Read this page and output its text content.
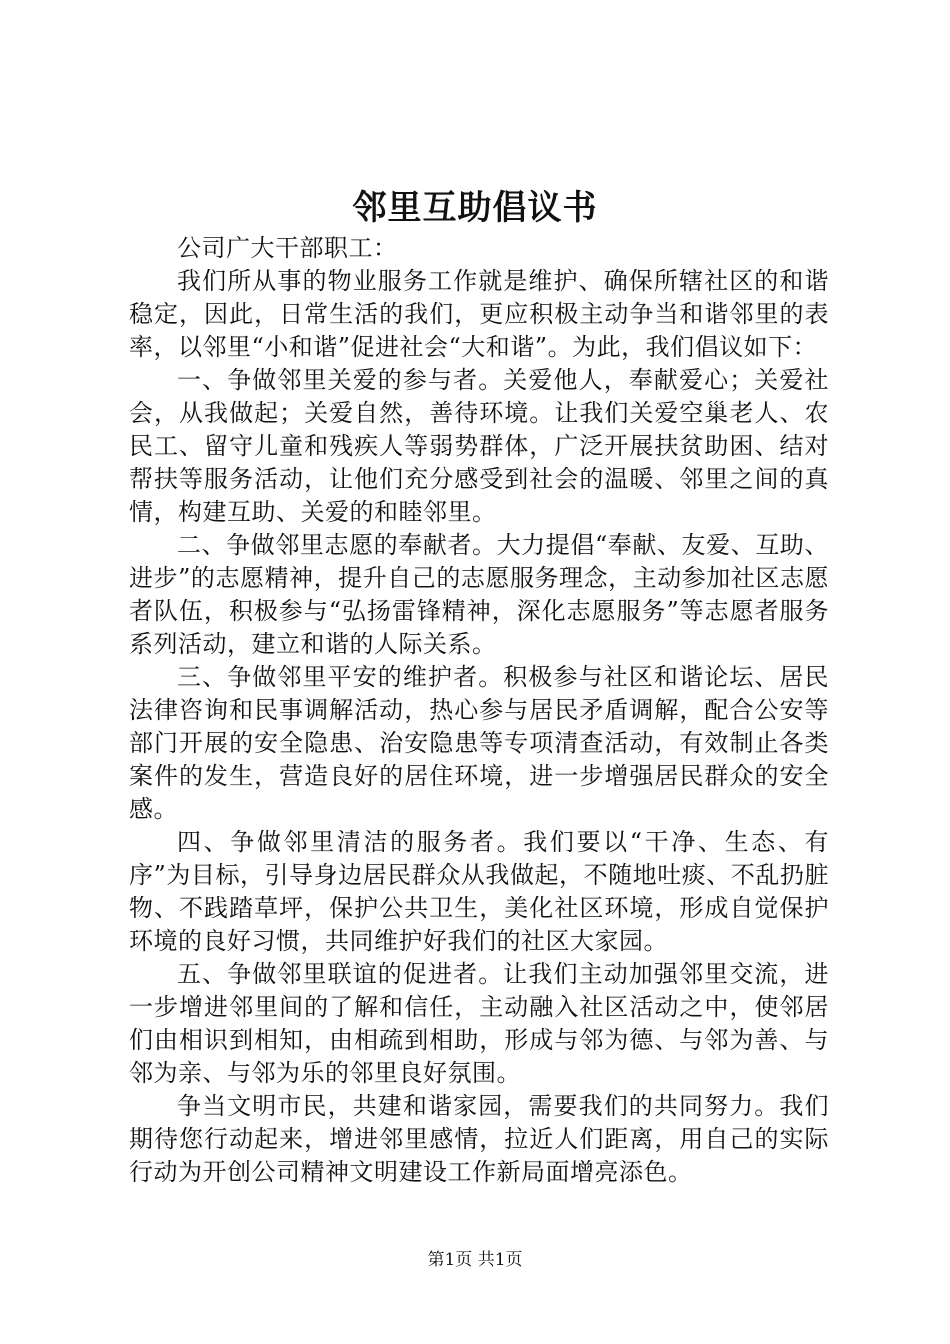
邻里互助倡议书

公司广大干部职工：

我们所从事的物业服务工作就是维护、确保所辖社区的和谐稳定，因此，日常生活的我们，更应积极主动争当和谐邻里的表率，以邻里“小和谐”促进社会“大和谐”。为此，我们倡议如下：

一、争做邻里关爱的参与者。关爱他人，奉献爱心；关爱社会，从我做起；关爱自然，善待环境。让我们关爱空巢老人、农民工、留守儿童和残疾人等弱势群体，广泛开展扶贫助困、结对帮扶等服务活动，让他们充分感受到社会的温暖、邻里之间的真情，构建互助、关爱的和睦邻里。

二、争做邻里志愿的奉献者。大力提倡“奉献、友爱、互助、进步”的志愿精神，提升自己的志愿服务理念，主动参加社区志愿者队伍，积极参与“弘扬雷锋精神，深化志愿服务”等志愿者服务系列活动，建立和谐的人际关系。

三、争做邻里平安的维护者。积极参与社区和谐论坛、居民法律咨询和民事调解活动，热心参与居民矛盾调解，配合公安等部门开展的安全隐患、治安隐患等专项清查活动，有效制止各类案件的发生，营造良好的居住环境，进一步增强居民群众的安全感。

四、争做邻里清洁的服务者。我们要以“干净、生态、有序”为目标，引导身边居民群众从我做起，不随地吐痰、不乱扔脏物、不践踏草坪，保护公共卫生，美化社区环境，形成自觉保护环境的良好习惯，共同维护好我们的社区大家园。

五、争做邻里联谊的促进者。让我们主动加强邻里交流，进一步增进邻里间的了解和信任，主动融入社区活动之中，使邻居们由相识到相知，由相疏到相助，形成与邻为德、与邻为善、与邻为亲、与邻为乐的邻里良好氛围。

争当文明市民，共建和谐家园，需要我们的共同努力。我们期待您行动起来，增进邻里感情，拉近人们距离，用自己的实际行动为开创公司精神文明建设工作新局面增亮添色。

第1页 共1页
